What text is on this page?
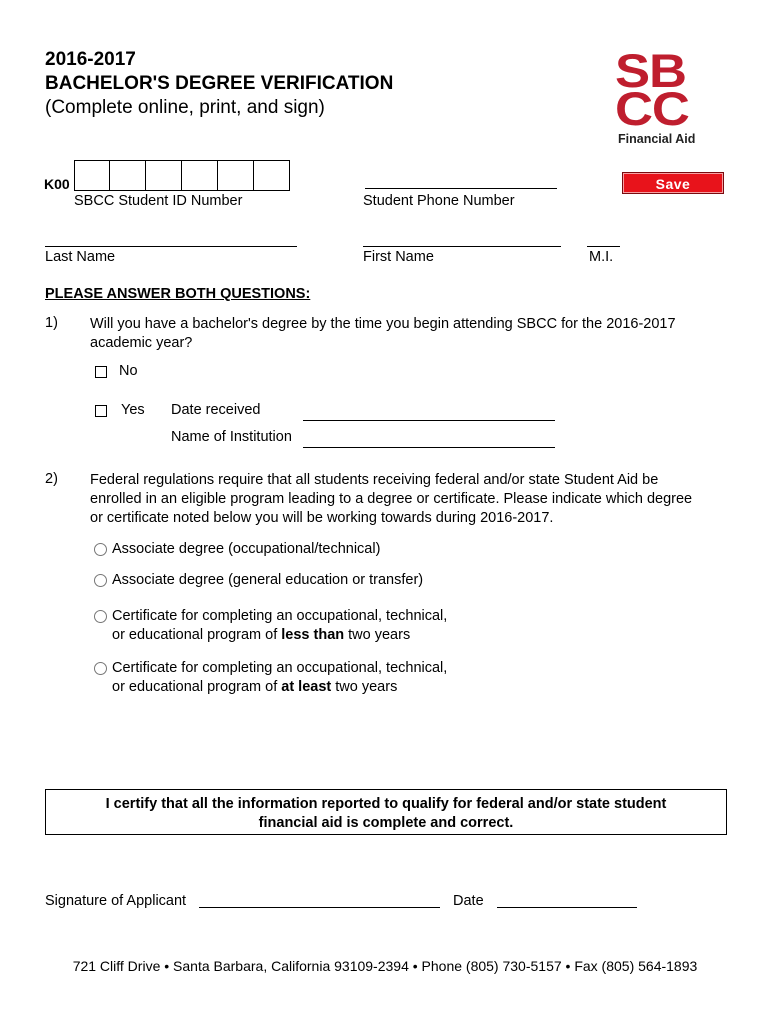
2016-2017
BACHELOR'S DEGREE VERIFICATION
(Complete online, print, and sign)
SB
CC
Financial Aid
K00
SBCC Student ID Number	Student Phone Number
Save
Last Name	First Name	M.I.
PLEASE ANSWER BOTH QUESTIONS:
1) Will you have a bachelor's degree by the time you begin attending SBCC for the 2016-2017
academic year?
No
Yes Date received
Name of Institution
2) Federal regulations require that all students receiving federal and/or state Student Aid be
enrolled in an eligible program leading to a degree or certificate. Please indicate which degree
or certificate noted below you will be working towards during 2016-2017.
Associate degree (occupational/technical)
Associate degree (general education or transfer)
Certificate for completing an occupational, technical,
or educational program of less than two years
Certificate for completing an occupational, technical,
or educational program of at least two years
I certify that all the information reported to qualify for federal and/or state student
financial aid is complete and correct.
Signature of Applicant	Date
721 Cliff Drive • Santa Barbara, California 93109-2394 • Phone (805) 730-5157 • Fax (805) 564-1893
